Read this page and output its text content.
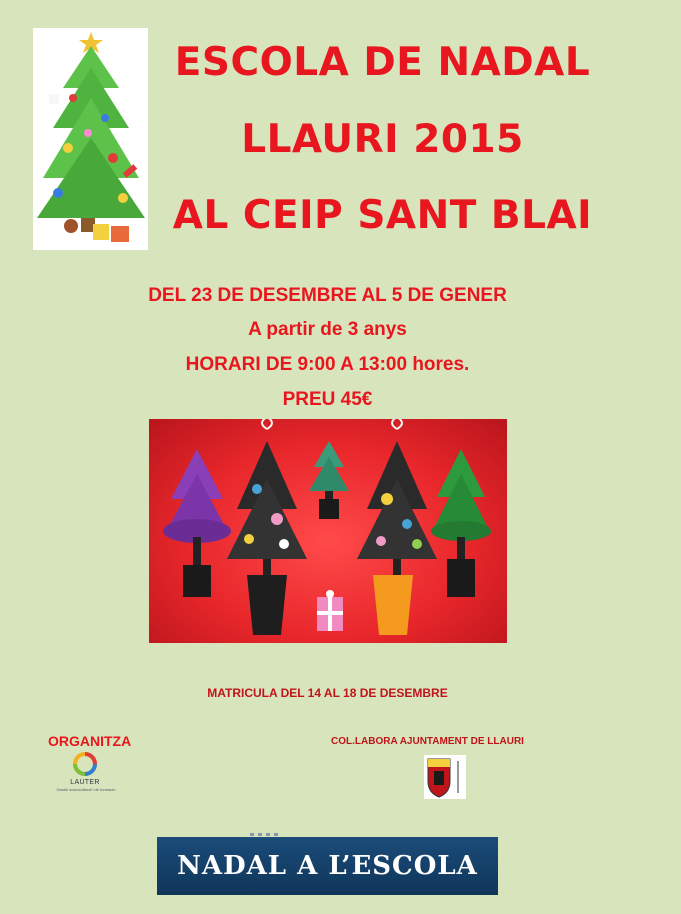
ESCOLA DE NADAL
LLAURI 2015
AL CEIP SANT BLAI
DEL 23 DE DESEMBRE AL 5 DE GENER
A partir de 3 anys
HORARI DE 9:00 A 13:00 hores.
PREU 45€
MATRICULA DEL 14 AL 18 DE DESEMBRE
ORGANITZA
LAUTER
Gestió sociocultural i de formació
COL.LABORA AJUNTAMENT DE LLAURI
NADAL A L’ESCOLA
